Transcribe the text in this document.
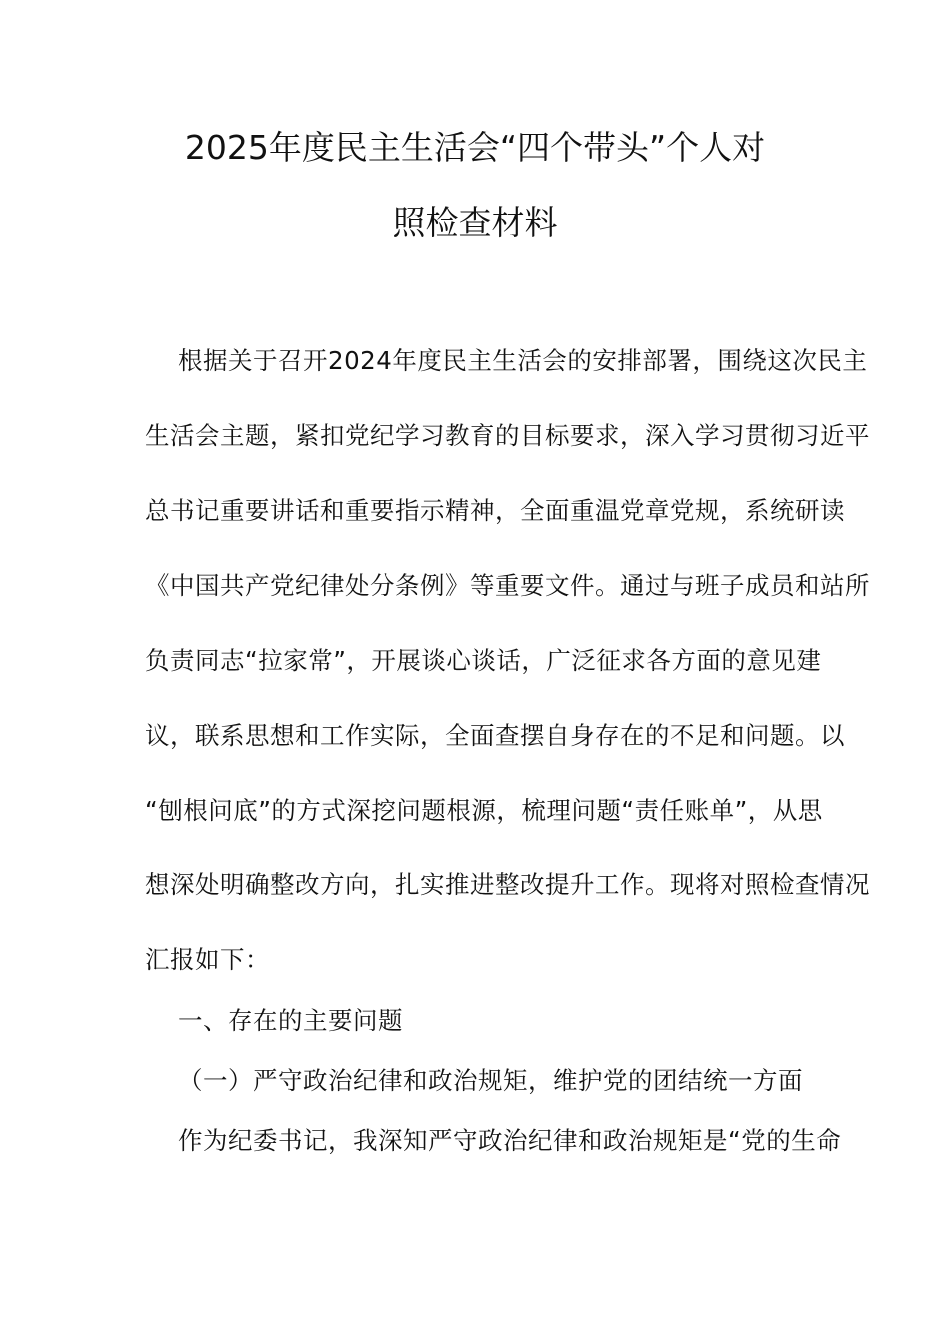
2025年度民主生活会“四个带头”个人对
照检查材料
根据关于召开2024年度民主生活会的安排部署，围绕这次民主
生活会主题，紧扣党纪学习教育的目标要求，深入学习贯彻习近平
总书记重要讲话和重要指示精神，全面重温党章党规，系统研读
《中国共产党纪律处分条例》等重要文件。通过与班子成员和站所
负责同志“拉家常”，开展谈心谈话，广泛征求各方面的意见建
议，联系思想和工作实际，全面查摆自身存在的不足和问题。以
“刨根问底”的方式深挖问题根源，梳理问题“责任账单”，从思
想深处明确整改方向，扎实推进整改提升工作。现将对照检查情况
汇报如下：
一、存在的主要问题
（一）严守政治纪律和政治规矩，维护党的团结统一方面
作为纪委书记，我深知严守政治纪律和政治规矩是“党的生命
